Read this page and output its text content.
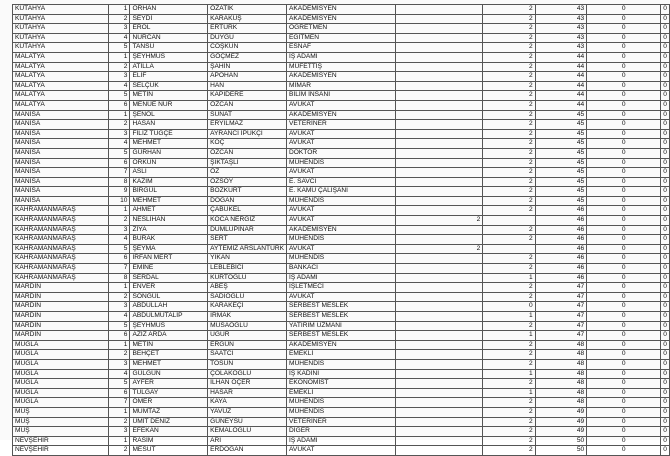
KÜTAHYA	1	ORHAN	ÖZATİK	AKADEMİSYEN		2	43	0	0
KÜTAHYA	2	SEYDİ	KARAKUŞ	AKADEMİSYEN		2	43	0	0
KÜTAHYA	3	EROL	ERTÜRK	ÖĞRETMEN		2	43	0	0
KÜTAHYA	4	NURCAN	DUYGU	EĞİTMEN		2	43	0	0
KÜTAHYA	5	TANSU	COŞKUN	ESNAF		2	43	0	0
MALATYA	1	ŞEYHMUS	GÖÇMEZ	İŞ ADAMI		2	44	0	0
MALATYA	2	ATİLLA	ŞAHİN	MÜFETTİŞ		2	44	0	0
MALATYA	3	ELİF	APOHAN	AKADEMİSYEN		2	44	0	0
MALATYA	4	SELÇUK	HAN	MİMAR		2	44	0	0
MALATYA	5	METİN	KAPIDERE	BİLİM İNSANI		2	44	0	0
MALATYA	6	MENÜE NUR	ÖZCAN	AVUKAT		2	44	0	0
MANİSA	1	ŞENOL	SUNAT	AKADEMİSYEN		2	45	0	0
MANİSA	2	HASAN	ERYILMAZ	VETERİNER		2	45	0	0
MANİSA	3	FİLİZ TUĞÇE	AYRANCI İPUKÇI	AVUKAT		2	45	0	0
MANİSA	4	MEHMET	KOÇ	AVUKAT		2	45	0	0
MANİSA	5	GÜRHAN	ÖZCAN	DOKTOR		2	45	0	0
MANİSA	6	ORKUN	ŞIKTAŞLI	MÜHENDİS		2	45	0	0
MANİSA	7	ASLI	ÖZ	AVUKAT		2	45	0	0
MANİSA	8	KAZIM	ÖZSOY	E. SAVCI		2	45	0	0
MANİSA	9	BİRGÜL	BOZKURT	E. KAMU ÇALIŞANI		2	45	0	0
MANİSA	10	MEHMET	DOĞAN	MÜHENDİS		2	45	0	0
KAHRAMANMARAŞ	1	AHMET	ÇABUKEL	AVUKAT		2	46	0	0
KAHRAMANMARAŞ	2	NESLİHAN	KOCA NERGİZ	AVUKAT	2		46	0	0
KAHRAMANMARAŞ	3	ZİYA	DUMLUPINAR	AKADEMİSYEN		2	46	0	0
KAHRAMANMARAŞ	4	BURAK	SERT	MÜHENDİS		2	46	0	0
KAHRAMANMARAŞ	5	ŞEYMA	AYTEMİZ ARSLANTÜRK	AVUKAT	2		46	0	0
KAHRAMANMARAŞ	6	İRFAN MERT	YIKAN	MÜHENDİS		2	46	0	0
KAHRAMANMARAŞ	7	EMİNE	LEBLEBİCİ	BANKACI		2	46	0	0
KAHRAMANMARAŞ	8	SERDAL	KURTOĞLU	İŞ ADAMI		1	46	0	0
MARDİN	1	ENVER	ABEŞ	İŞLETMECİ		2	47	0	0
MARDİN	2	SONGÜL	SADIOĞLU	AVUKAT		2	47	0	0
MARDİN	3	ABDULLAH	KARAKEÇİ	SERBEST MESLEK		0	47	0	0
MARDİN	4	ABDULMUTALİP	IRMAK	SERBEST MESLEK		1	47	0	0
MARDİN	5	ŞEYHMUS	MUSAOĞLU	YATIRIM UZMANI		2	47	0	0
MARDİN	6	AZİZ ARDA	UĞUR	SERBEST MESLEK		1	47	0	0
MUĞLA	1	METİN	ERGÜN	AKADEMİSYEN		2	48	0	0
MUĞLA	2	BEHÇET	SAATCI	EMEKLİ		2	48	0	0
MUĞLA	3	MEHMET	TOSUN	MÜHENDİS		2	48	0	0
MUĞLA	4	GÜLGÜN	ÇOLAKOĞLU	İŞ KADINI		1	48	0	0
MUĞLA	5	AYFER	İLHAN OÇER	EKONOMİST		2	48	0	0
MUĞLA	6	TULGAY	HASAR	EMEKLİ		1	48	0	0
MUĞLA	7	ÖMER	KAYA	MÜHENDİS		2	48	0	0
MUŞ	1	MUMTAZ	YAVUZ	MÜHENDİS		2	49	0	0
MUŞ	2	ÜMİT DENİZ	GÜNEYSU	VETERİNER		2	49	0	0
MUŞ	3	EFEKAN	KEMALOĞLU	DİĞER		2	49	0	0
NEVŞEHİR	1	RASİM	ARI	İŞ ADAMI		2	50	0	0
NEVŞEHİR	2	MESUT	ERDOĞAN	AVUKAT		2	50	0	0
